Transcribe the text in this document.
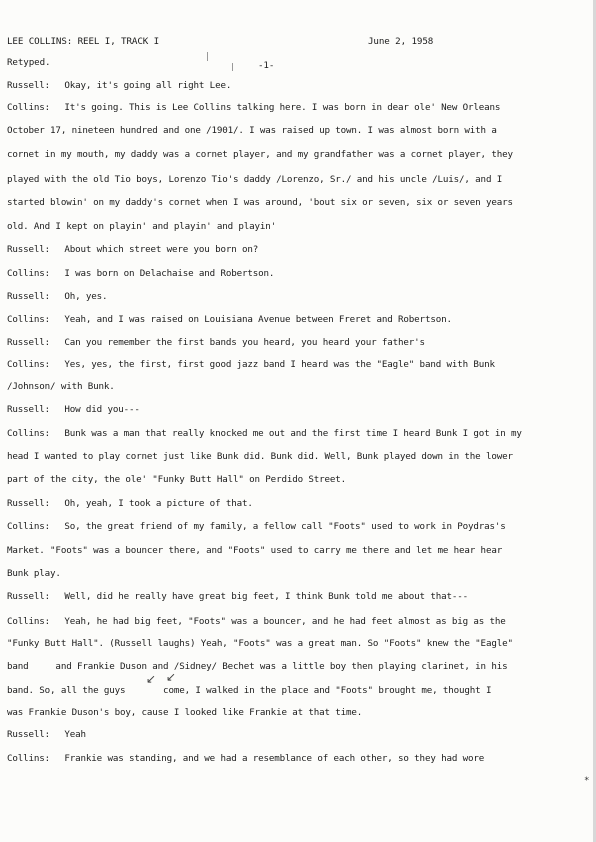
LEE COLLINS: REEL I, TRACK I	June 2, 1958
Retyped.	-1-
Russell: Okay, it's going all right Lee.
Collins: It's going. This is Lee Collins talking here. I was born in dear ole' New Orleans
October 17, nineteen hundred and one /1901/. I was raised up town. I was almost born with a
cornet in my mouth, my daddy was a cornet player, and my grandfather was a cornet player, they
played with the old Tio boys, Lorenzo Tio's daddy /Lorenzo, Sr./ and his uncle /Luis/, and I
started blowin' on my daddy's cornet when I was around, 'bout six or seven, six or seven years
old. And I kept on playin' and playin' and playin'
Russell: About which street were you born on?
Collins: I was born on Delachaise and Robertson.
Russell: Oh, yes.
Collins: Yeah, and I was raised on Louisiana Avenue between Freret and Robertson.
Russell: Can you remember the first bands you heard, you heard your father's
Collins: Yes, yes, the first, first good jazz band I heard was the "Eagle" band with Bunk
/Johnson/ with Bunk.
Russell: How did you---
Collins: Bunk was a man that really knocked me out and the first time I heard Bunk I got in my
head I wanted to play cornet just like Bunk did. Bunk did. Well, Bunk played down in the lower
part of the city, the ole' "Funky Butt Hall" on Perdido Street.
Russell: Oh, yeah, I took a picture of that.
Collins: So, the great friend of my family, a fellow call "Foots" used to work in Poydras's
Market. "Foots" was a bouncer there, and "Foots" used to carry me there and let me hear hear
Bunk play.
Russell: Well, did he really have great big feet, I think Bunk told me about that---
Collins: Yeah, he had big feet, "Foots" was a bouncer, and he had feet almost as big as the
"Funky Butt Hall". (Russell laughs) Yeah, "Foots" was a great man. So "Foots" knew the "Eagle"
band     and Frankie Duson and /Sidney/ Bechet was a little boy then playing clarinet, in his
band. So, all the guys       come, I walked in the place and "Foots" brought me, thought I
was Frankie Duson's boy, cause I looked like Frankie at that time.
Russell: Yeah
Collins: Frankie was standing, and we had a resemblance of each other, so they had wore
↙ ↙
*
